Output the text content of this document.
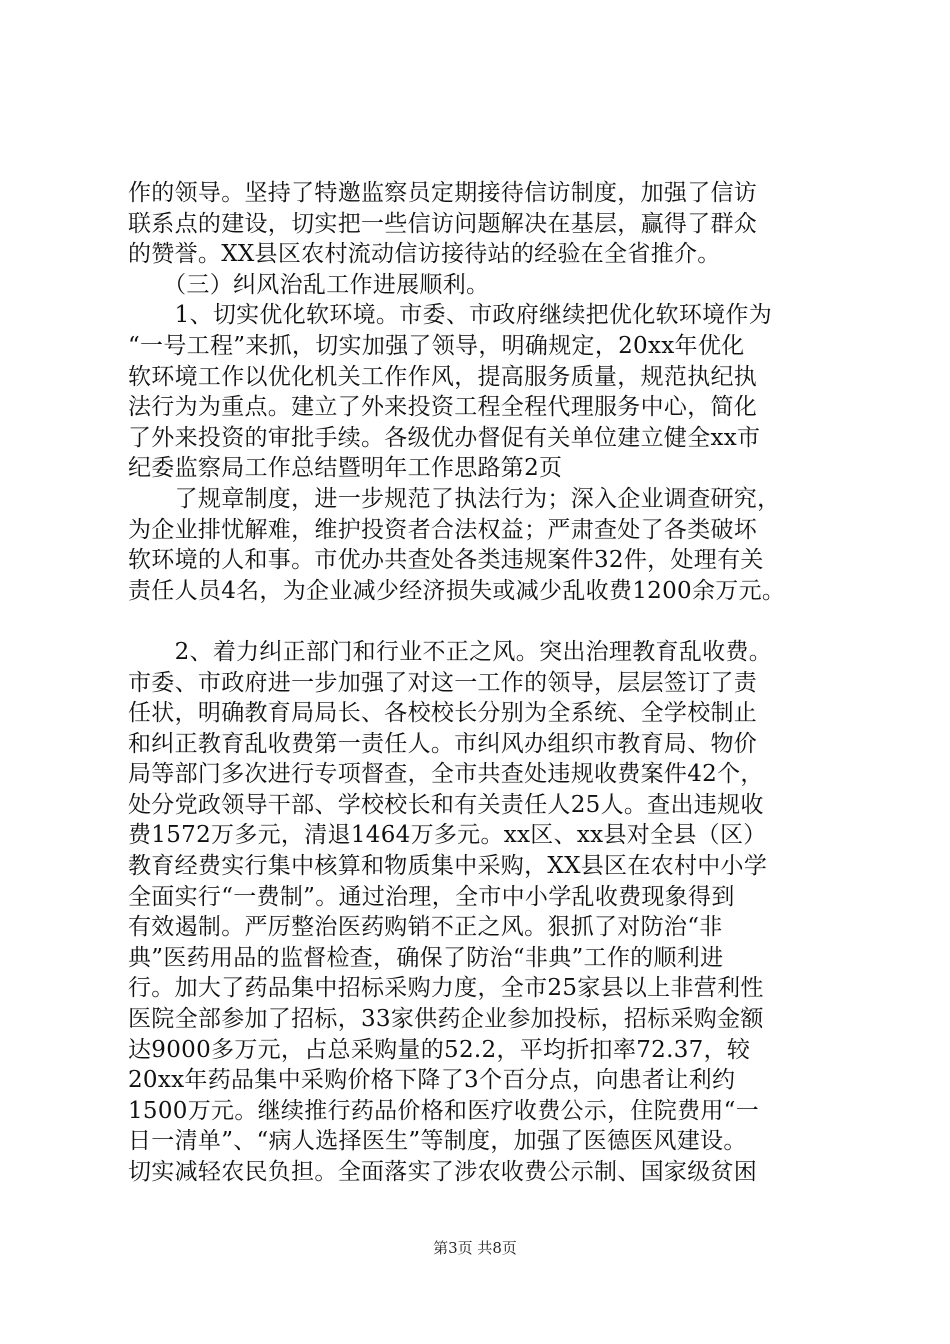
作的领导。坚持了特邀监察员定期接待信访制度，加强了信访
联系点的建设，切实把一些信访问题解决在基层，赢得了群众
的赞誉。XX县区农村流动信访接待站的经验在全省推介。
　　（三）纠风治乱工作进展顺利。
　　1、切实优化软环境。市委、市政府继续把优化软环境作为
“一号工程”来抓，切实加强了领导，明确规定，20xx年优化
软环境工作以优化机关工作作风，提高服务质量，规范执纪执
法行为为重点。建立了外来投资工程全程代理服务中心，简化
了外来投资的审批手续。各级优办督促有关单位建立健全xx市
纪委监察局工作总结暨明年工作思路第2页
　　了规章制度，进一步规范了执法行为；深入企业调查研究，
为企业排忧解难，维护投资者合法权益；严肃查处了各类破坏
软环境的人和事。市优办共查处各类违规案件32件，处理有关
责任人员4名，为企业减少经济损失或减少乱收费1200余万元。
　　2、着力纠正部门和行业不正之风。突出治理教育乱收费。
市委、市政府进一步加强了对这一工作的领导，层层签订了责
任状，明确教育局局长、各校校长分别为全系统、全学校制止
和纠正教育乱收费第一责任人。市纠风办组织市教育局、物价
局等部门多次进行专项督查，全市共查处违规收费案件42个，
处分党政领导干部、学校校长和有关责任人25人。查出违规收
费1572万多元，清退1464万多元。xx区、xx县对全县（区）
教育经费实行集中核算和物质集中采购，XX县区在农村中小学
全面实行“一费制”。通过治理，全市中小学乱收费现象得到
有效遏制。严厉整治医药购销不正之风。狠抓了对防治“非
典”医药用品的监督检查，确保了防治“非典”工作的顺利进
行。加大了药品集中招标采购力度，全市25家县以上非营利性
医院全部参加了招标，33家供药企业参加投标，招标采购金额
达9000多万元，占总采购量的52.2，平均折扣率72.37，较
20xx年药品集中采购价格下降了3个百分点，向患者让利约
1500万元。继续推行药品价格和医疗收费公示，住院费用“一
日一清单”、“病人选择医生”等制度，加强了医德医风建设。
切实减轻农民负担。全面落实了涉农收费公示制、国家级贫困
第3页 共8页
